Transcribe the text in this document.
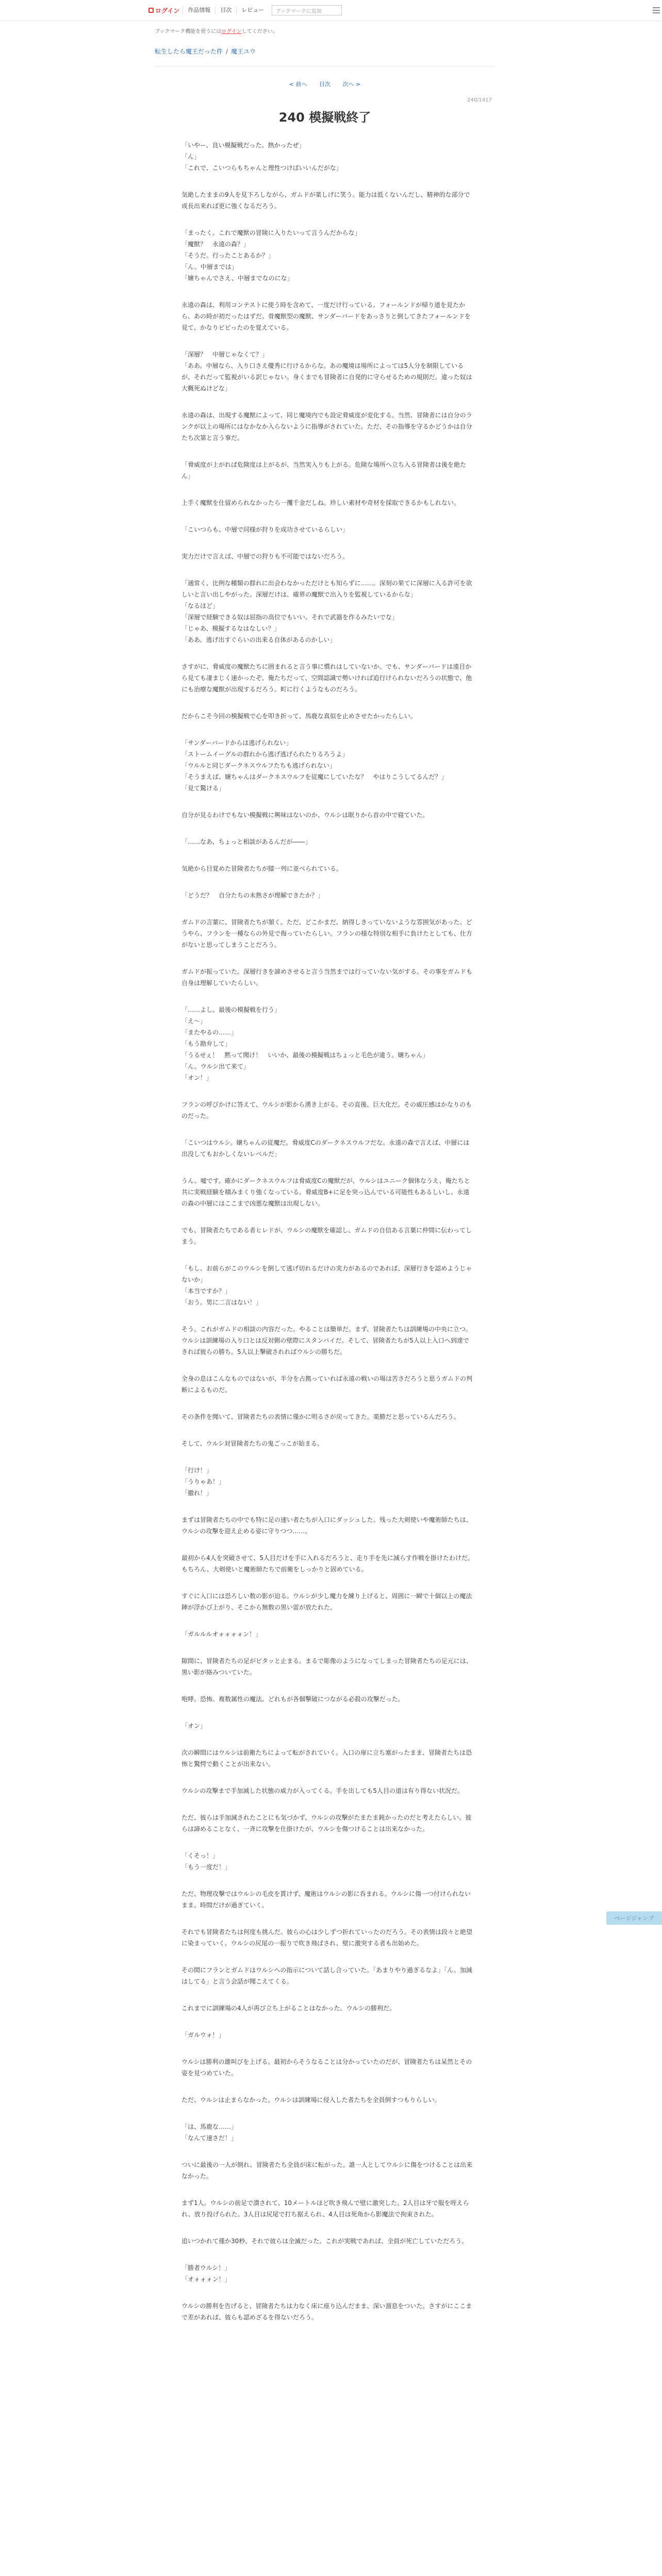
ログイン	作品情報	目次	レビュー	ブックマークに追加
ブックマーク機能を使うにはログインしてください。
転生したら魔王だった件 / 魔王ユウ
< 前へ 目次 次へ >
240/1417
240 模擬戦終了

「いやー、良い模擬戦だった。熱かったぜ」
「ん」
「これで、こいつらもちゃんと理性つけばいいんだがな」

気絶したままの9人を見下ろしながら、ガムドが楽しげに笑う。能力は低くないんだし、精神的な部分で成長出来れば更に強くなるだろう。

「まったく。これで魔獣の冒険に入りたいって言うんだからな」
「魔獣？　永遠の森？」
「そうだ。行ったことあるか？」
「ん。中層までは」
「嬢ちゃんでさえ、中層までなのにな」

永遠の森は、利用コンテストに使う時を含めて、一度だけ行っている。フォールンドが帰り道を見たから、あの時が初だったはずだ。骨魔獣型の魔獣、サンダーバードをあっさりと倒してきたフォールンドを見て、かなりビビったのを覚えている。

「深層？　中層じゃなくて？」
「ああ。中層なら、入り口さえ優秀に行けるからな。あの魔境は場所によっては5人分を制限しているが、それだって監視がいる訳じゃない。身くまでも冒険者に自発的に守らせるための規則だ。違った奴は大概死ぬけどな」

永遠の森は、出現する魔獣によって、同じ魔境内でも設定脅威度が変化する。当然、冒険者には自分のランクが以上の場所にはなかなか入らないように指導がされていた。ただ、その指導を守るかどうかは自分たち次第と言う事だ。

「脅威度が上がれば危険度は上がるが、当然実入りも上がる。危険な場所へ立ち入る冒険者は後を絶たん」

上手く魔獣を仕留められなかったら一攫千金だしね。珍しい素材や奇材を採取できるかもしれない。

「こいつらも、中層で同様が狩りを成功させているらしい」

実力だけで言えば、中層での狩りも不可能ではないだろう。

「通常く、比例な種類の群れに出会わなかっただけとも知らずに……。深刻の果てに深層に入る許可を欲しいと言い出しやがった。深層だけは、確界の魔獣で出入りを監視しているからな」
「なるほど」
「深層で経験できる奴は屈指の高位でもいい。それで武器を作るみたいでな」
「じゃあ、模擬するなはなしい？」
「ああ。逃げ出すぐらいの出来る自体があるのかしい」

さすがに、脅威度の魔獣たちに囲まれると言う事に慣れはしていないか。でも、サンダーバードは遠目から見ても凄まじく速かったぞ。俺たちだって、空間認識で勢いければ追行けられないだろうの状態で、他にも治療な魔獣が出現するだろう。町に行くようなものだろう。

だからこそ今回の模擬戦で心を叩き折って、馬鹿な真似を止めさせたかったらしい。

「サンダーバードからは逃げられない」
「ストームイーグルの群れから逃げ逃げられたりるろうよ」
「ウルルと同じダークネスウルフたちも逃げられない」
「そうまえば、嬢ちゃんはダークネスウルフを従魔にしていたな？　やはりこうしてるんだ？」
「見て驚ける」

自分が見るわけでもない模擬戦に興味はないのか、ウルシは眠りから首の中で寝ていた。

「……なあ、ちょっと相談があるんだが――」

気絶から目覚めた冒険者たちが膝一列に並べられている。

「どうだ？　自分たちの未熟さが理解できたか？」

ガムドの言葉に、冒険者たちが頷く。ただ、どこかまだ、納得しきっていないような雰囲気があった。どうやら、フランを一種ならの外見で侮っていたらしい。フランの様な特別な相手に負けたとしても、仕方がないと思ってしまうことだろう。

ガムドが振っていた。深層行きを諦めさせると言う当然までは行っていない気がする。その事をガムドも自身は理解していたらしい。

「……よし。最後の模擬戦を行う」
「え〜」
「またやるの……」
「もう勘弁して」
「うるせぇ！　黙って聞け！　いいか、最後の模擬戦はちょっと毛色が違う。嬢ちゃん」
「ん。ウルシ出て来て」
「オン！」

フランの呼びかけに答えて、ウルシが影から湧き上がる。その直後、巨大化だ。その威圧感はかなりのものだった。

「こいつはウルシ。嬢ちゃんの従魔だ。脅威度Cのダークネスウルフだな。永遠の森で言えば、中層には出没してもおかしくないレベルだ」

うん。嘘です。確かにダークネスウルフは脅威度Cの魔獣だが、ウルシはユニーク個体なうえ、俺たちと共に実戦経験を積みまくり強くなっている。脅威度B+に足を突っ込んでいる可能性もあるしいし。永遠の森の中層にはここまで凶悪な魔獣は出現しない。

でも、冒険者たちである者ヒレドが、ウルシの魔獣を確認し、ガムドの自信ある言葉に仲間に伝わってしまう。

「もし、お前らがこのウルシを倒して逃げ切れるだけの実力があるのであれば、深層行きを認めようじゃないか」
「本当ですか？」
「おう。男に二言はない！」

そう。これがガムドの相談の内容だった。やることは簡単だ。まず、冒険者たちは訓練場の中央に立つ。ウルシは訓練場の入り口とは反対側の壁際にスタンバイだ。そして、冒険者たちが5人以上入口へ到達できれば彼らの勝ち。5人以上撃破されればウルシの勝ちだ。

全身の息はこんなものではないが、半分を占拠っていれば永遠の戦いの場は苦さだろうと思うガムドの判断によるものだ。

その条件を聞いて、冒険者たちの表情に僅かに明るさが戻ってきた。楽勝だと思っているんだろう。

そして、ウルシ対冒険者たちの鬼ごっこが始まる。

「行け！」
「うりゃあ！」
「撤れ！」

まずは冒険者たちの中でも特に足の速い者たちが入口にダッシュした。残った大剣使いや魔術師たちは、ウルシの攻撃を迎え止める姿に守りつつ……。

最初から4人を突破させて、5人目だけを手に入れるだろうと、走り手を先に減らす作戦を掛けたわけだ。もちろん、大剣使いと魔術師たちで前衛をしっかりと固めている。

すぐに入口には恐ろしい数の影が迫る。ウルシが少し魔力を練り上げると、周囲に一瞬で十個以上の魔法陣が浮かび上がり、そこから無数の黒い雷が放たれた。

「ガルルルオォォォォン！」

隙間に、冒険者たちの足がピタッと止まる。まるで彫像のようになってしまった冒険者たちの足元には、黒い影が絡みついていた。

咆哮。恐怖。複数属性の魔法。どれもが各個撃破につながる必殺の攻撃だった。

「オン」

次の瞬間にはウルシは前衛たちによって転がされていく。入口の扉に立ち塞がったまま、冒険者たちは恐怖と驚愕で動くことが出来ない。

ウルシの攻撃まで手加減した状態の威力が入ってくる。手を出しても5人目の道は有り得ない状況だ。

ただ、彼らは手加減されたことにも気づかず、ウルシの攻撃がたまたま鈍かったのだと考えたらしい。彼らは諦めることなく、一斉に攻撃を仕掛けたが、ウルシを傷つけることは出来なかった。

「くそっ！」
「もう一度だ！」

ただ、物理攻撃ではウルシの毛皮を貫けず、魔術はウルシの影に呑まれる。ウルシに傷一つ付けられないまま、時間だけが過ぎていく。

それでも冒険者たちは何度も挑んだ。彼らの心は少しずつ折れていったのだろう。その表情は段々と絶望に染まっていく。ウルシの尻尾の一振りで吹き飛ばされ、壁に激突する者も出始めた。

その間にフランとガムドはウルシへの指示について話し合っていた。「あまりやり過ぎるなよ」「ん。加減はしてる」と言う会話が聞こえてくる。

これまでに訓練場の4人が再び立ち上がることはなかった。ウルシの勝利だ。

「ガルウォ！」

ウルシは勝利の雄叫びを上げる。最初からそうなることは分かっていたのだが、冒険者たちは呆然とその姿を見つめていた。

ただ、ウルシは止まらなかった。ウルシは訓練場に侵入した者たちを全員倒すつもりらしい。

「は、馬鹿な……」
「なんて速さだ！」

ついに最後の一人が倒れ、冒険者たち全員が床に転がった。誰一人としてウルシに傷をつけることは出来なかった。

まず1人。ウルシの前足で潰されて、10メートルほど吹き飛んで壁に激突した。2人目は牙で服を咥えられ、放り投げられた。3人目は尻尾で打ち据えられ、4人目は死角から影魔法で拘束された。

追いつかれて僅か30秒。それで彼らは全滅だった。これが実戦であれば、全員が死亡していただろう。

「勝者ウルシ！」
「オォォォン！」

ウルシの勝利を告げると、冒険者たちは力なく床に座り込んだまま、深い溜息をついた。さすがにここまで差があれば、彼らも認めざるを得ないだろう。

ページジャンプ
